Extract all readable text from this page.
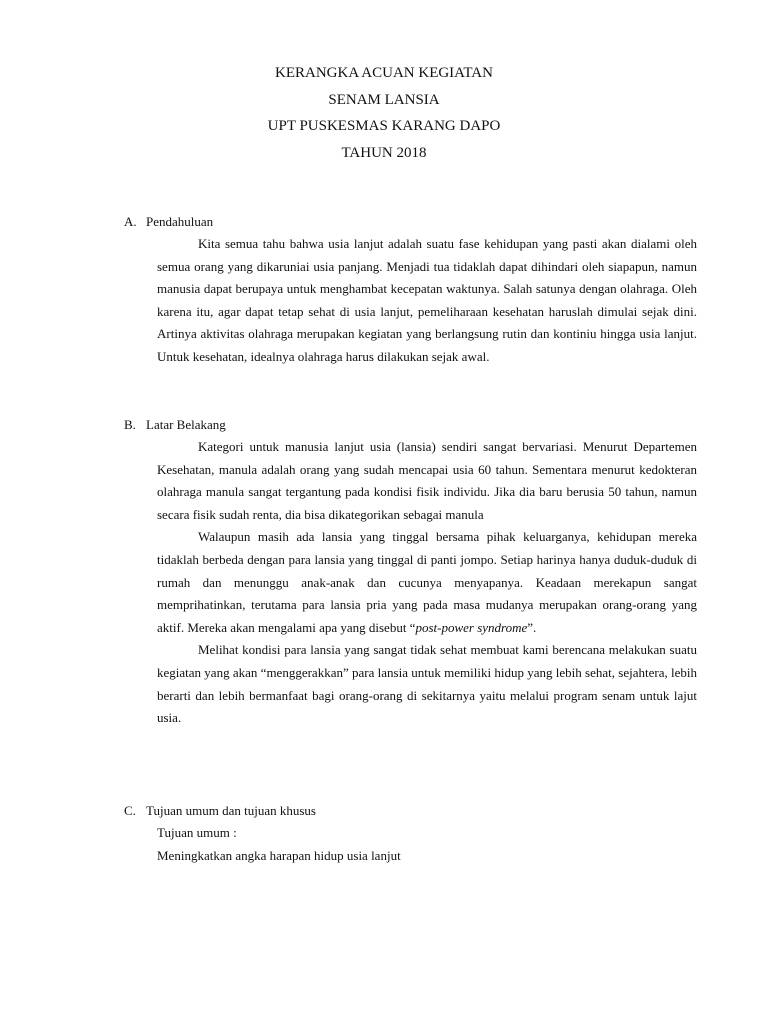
KERANGKA ACUAN KEGIATAN
SENAM LANSIA
UPT PUSKESMAS KARANG DAPO
TAHUN 2018
A. Pendahuluan

Kita semua tahu bahwa usia lanjut adalah suatu fase kehidupan yang pasti akan dialami oleh semua orang yang dikaruniai usia panjang. Menjadi tua tidaklah dapat dihindari oleh siapapun, namun manusia dapat berupaya untuk menghambat kecepatan waktunya. Salah satunya dengan olahraga. Oleh karena itu, agar dapat tetap sehat di usia lanjut, pemeliharaan kesehatan haruslah dimulai sejak dini. Artinya aktivitas olahraga merupakan kegiatan yang berlangsung rutin dan kontiniu hingga usia lanjut. Untuk kesehatan, idealnya olahraga harus dilakukan sejak awal.

B. Latar Belakang

Kategori untuk manusia lanjut usia (lansia) sendiri sangat bervariasi. Menurut Departemen Kesehatan, manula adalah orang yang sudah mencapai usia 60 tahun. Sementara menurut kedokteran olahraga manula sangat tergantung pada kondisi fisik individu. Jika dia baru berusia 50 tahun, namun secara fisik sudah renta, dia bisa dikategorikan sebagai manula

Walaupun masih ada lansia yang tinggal bersama pihak keluarganya, kehidupan mereka tidaklah berbeda dengan para lansia yang tinggal di panti jompo. Setiap harinya hanya duduk-duduk di rumah dan menunggu anak-anak dan cucunya menyapanya. Keadaan merekapun sangat memprihatinkan, terutama para lansia pria yang pada masa mudanya merupakan orang-orang yang aktif. Mereka akan mengalami apa yang disebut “post-power syndrome”.

Melihat kondisi para lansia yang sangat tidak sehat membuat kami berencana melakukan suatu kegiatan yang akan “menggerakkan” para lansia untuk memiliki hidup yang lebih sehat, sejahtera, lebih berarti dan lebih bermanfaat bagi orang-orang di sekitarnya yaitu melalui program senam untuk lajut usia.

C. Tujuan umum dan tujuan khusus
Tujuan umum :
Meningkatkan angka harapan hidup usia lanjut
